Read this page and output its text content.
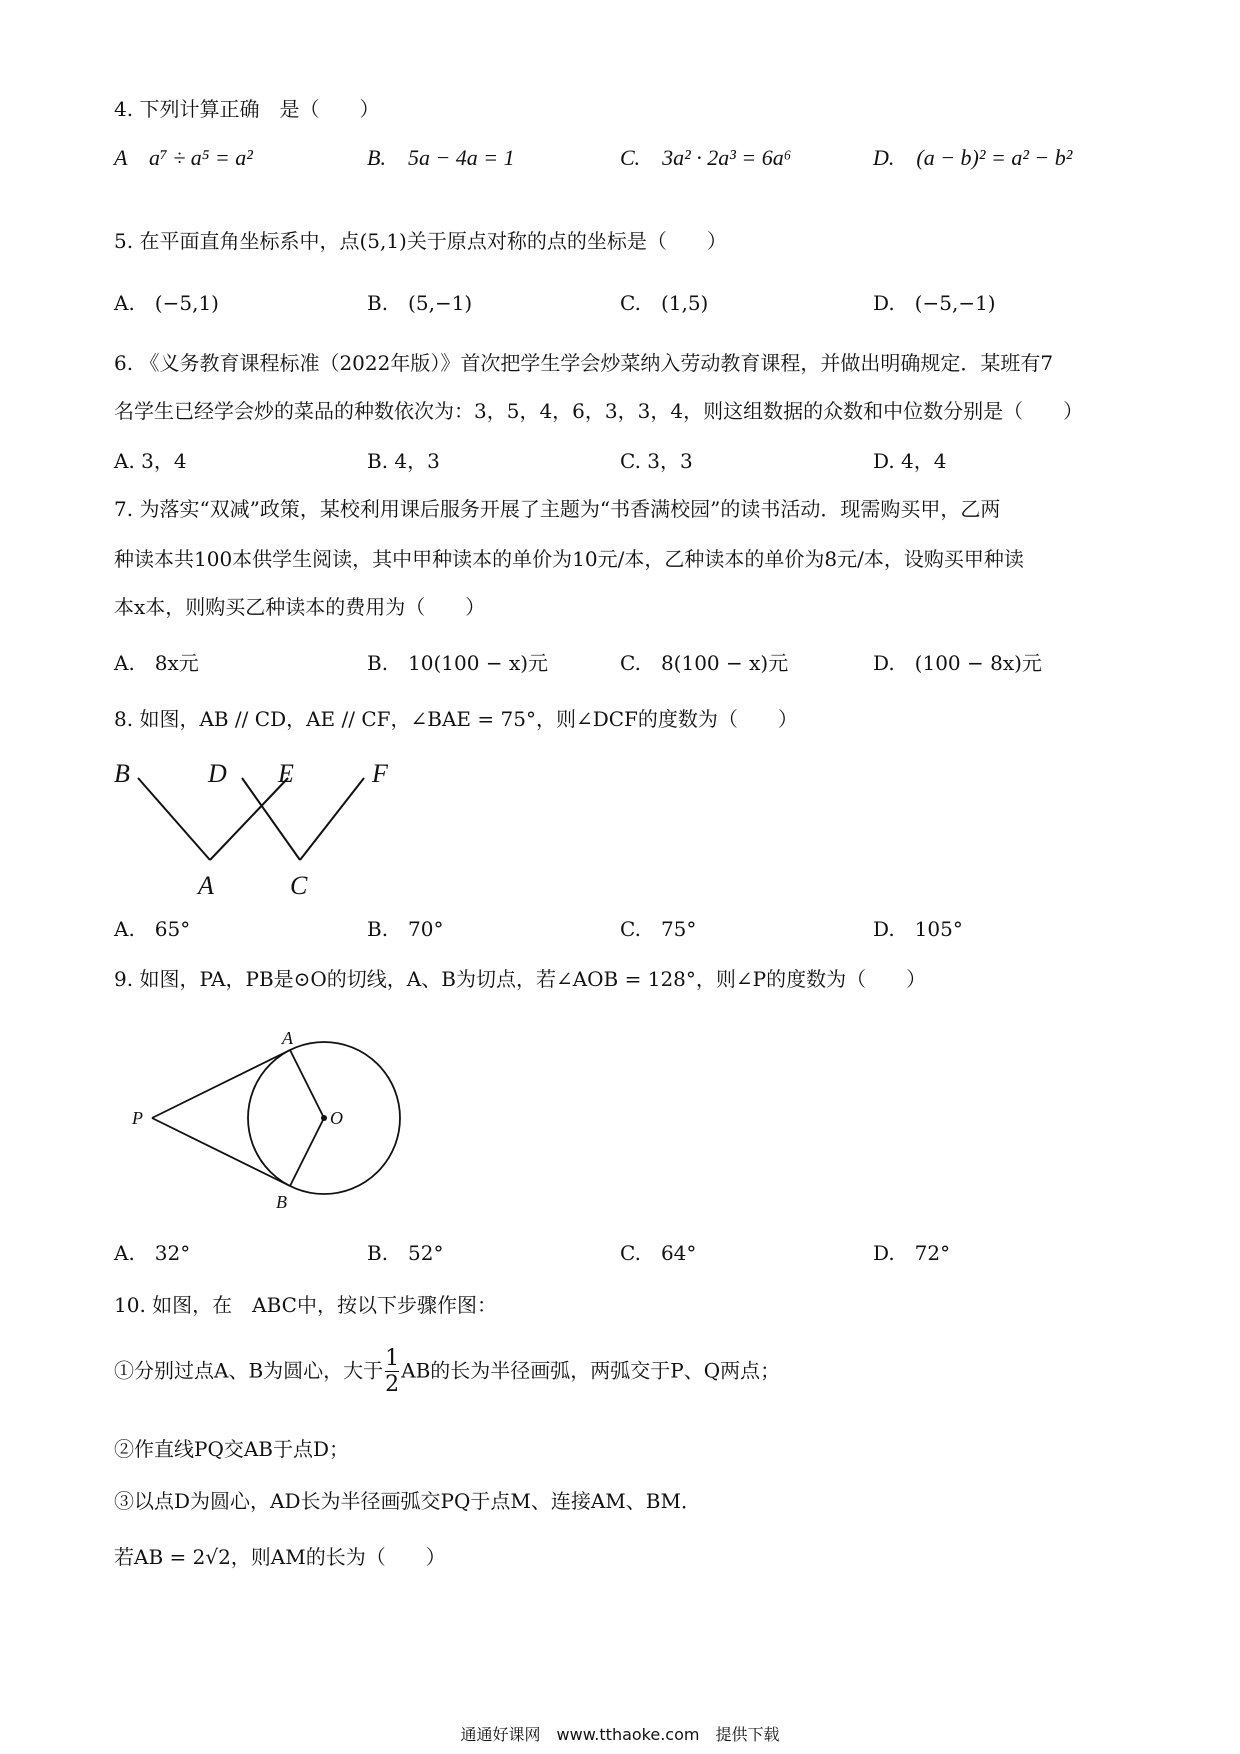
4. 下列计算正确　是（　　）
A　a⁷ ÷ a⁵ = a²	B.　5a − 4a = 1	C.　3a² · 2a³ = 6a⁶	D.　(a − b)² = a² − b²
5. 在平面直角坐标系中，点(5,1)关于原点对称的点的坐标是（　　）
A.　(−5,1)	B.　(5,−1)	C.　(1,5)	D.　(−5,−1)
6. 《义务教育课程标准（2022年版）》首次把学生学会炒菜纳入劳动教育课程，并做出明确规定．某班有7
名学生已经学会炒的菜品的种数依次为：3，5，4，6，3，3，4，则这组数据的众数和中位数分别是（　　）
A. 3，4	B. 4，3	C. 3，3	D. 4，4
7. 为落实“双减”政策，某校利用课后服务开展了主题为“书香满校园”的读书活动．现需购买甲，乙两
种读本共100本供学生阅读，其中甲种读本的单价为10元/本，乙种读本的单价为8元/本，设购买甲种读
本x本，则购买乙种读本的费用为（　　）
A.　8x元	B.　10(100 − x)元	C.　8(100 − x)元	D.　(100 − 8x)元
8. 如图，AB // CD，AE // CF，∠BAE = 75°，则∠DCF的度数为（　　）
B	D E	F
A	C
A.　65°	B.　70°	C.　75°	D.　105°
9. 如图，PA，PB是⊙O的切线，A、B为切点，若∠AOB = 128°，则∠P的度数为（　　）
A
P	O
B
A.　32°	B.　52°	C.　64°	D.　72°
10. 如图，在　ABC中，按以下步骤作图：
①分别过点A、B为圆心，大于 $\frac{1}{2}$ AB的长为半径画弧，两弧交于P、Q两点；
②作直线PQ交AB于点D；
③以点D为圆心，AD长为半径画弧交PQ于点M、连接AM、BM．
若AB = 2√2，则AM的长为（　　）
通通好课网　www.tthaoke.com　提供下载
